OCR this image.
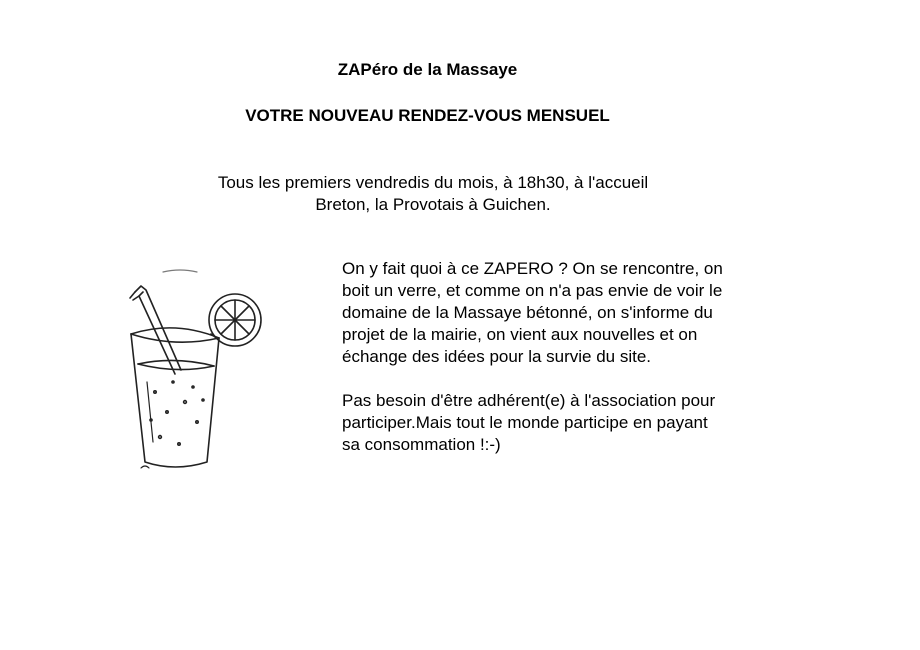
ZAPéro de la Massaye
VOTRE NOUVEAU RENDEZ-VOUS MENSUEL
Tous les premiers vendredis du mois, à 18h30, à l'accueil
Breton, la Provotais à Guichen.

On y fait quoi à ce ZAPERO ? On se rencontre, on
boit un verre, et comme on n'a pas envie de voir le
domaine de la Massaye bétonné, on s'informe du
projet de la mairie, on vient aux nouvelles et on
échange des idées pour la survie du site.

Pas besoin d'être adhérent(e) à l'association pour
participer.Mais tout le monde participe en payant
sa consommation !:-)
